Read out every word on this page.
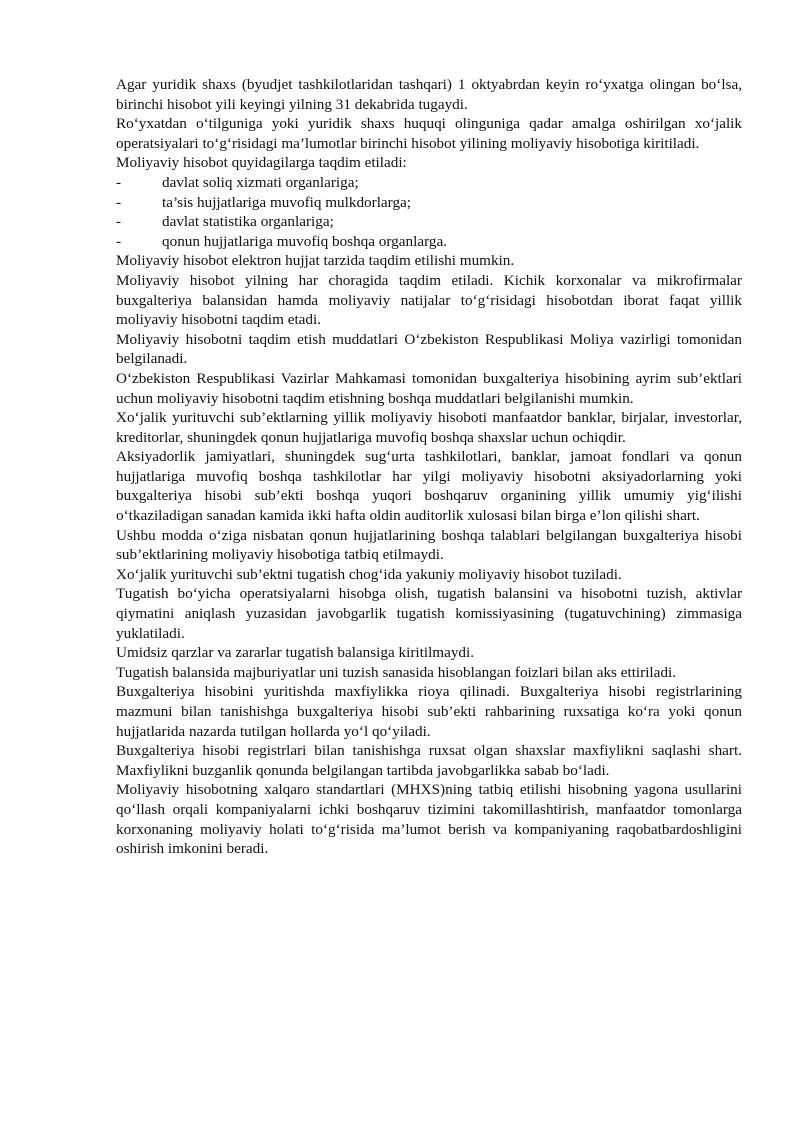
Agar yuridik shaxs (byudjet tashkilotlaridan tashqari) 1 oktyabrdan keyin ro‘yxatga olingan bo‘lsa, birinchi hisobot yili keyingi yilning 31 dekabrida tugaydi.

Ro‘yxatdan o‘tilguniga yoki yuridik shaxs huquqi olinguniga qadar amalga oshirilgan xo‘jalik operatsiyalari to‘g‘risidagi ma’lumotlar birinchi hisobot yilining moliyaviy hisobotiga kiritiladi.

Moliyaviy hisobot quyidagilarga taqdim etiladi:

-	davlat soliq xizmati organlariga;
-	ta’sis hujjatlariga muvofiq mulkdorlarga;
-	davlat statistika organlariga;
-	qonun hujjatlariga muvofiq boshqa organlarga.

Moliyaviy hisobot elektron hujjat tarzida taqdim etilishi mumkin.

Moliyaviy hisobot yilning har choragida taqdim etiladi. Kichik korxonalar va mikrofirmalar buxgalteriya balansidan hamda moliyaviy natijalar to‘g‘risidagi hisobotdan iborat faqat yillik moliyaviy hisobotni taqdim etadi.

Moliyaviy hisobotni taqdim etish muddatlari O‘zbekiston Respublikasi Moliya vazirligi tomonidan belgilanadi.

O‘zbekiston Respublikasi Vazirlar Mahkamasi tomonidan buxgalteriya hisobining ayrim sub’ektlari uchun moliyaviy hisobotni taqdim etishning boshqa muddatlari belgilanishi mumkin.

Xo‘jalik yurituvchi sub’ektlarning yillik moliyaviy hisoboti manfaatdor banklar, birjalar, investorlar, kreditorlar, shuningdek qonun hujjatlariga muvofiq boshqa shaxslar uchun ochiqdir.

Aksiyadorlik jamiyatlari, shuningdek sug‘urta tashkilotlari, banklar, jamoat fondlari va qonun hujjatlariga muvofiq boshqa tashkilotlar har yilgi moliyaviy hisobotni aksiyadorlarning yoki buxgalteriya hisobi sub’ekti boshqa yuqori boshqaruv organining yillik umumiy yig‘ilishi o‘tkaziladigan sanadan kamida ikki hafta oldin auditorlik xulosasi bilan birga e’lon qilishi shart.

Ushbu modda o‘ziga nisbatan qonun hujjatlarining boshqa talablari belgilangan buxgalteriya hisobi sub’ektlarining moliyaviy hisobotiga tatbiq etilmaydi.

Xo‘jalik yurituvchi sub’ektni tugatish chog‘ida yakuniy moliyaviy hisobot tuziladi.

Tugatish bo‘yicha operatsiyalarni hisobga olish, tugatish balansini va hisobotni tuzish, aktivlar qiymatini aniqlash yuzasidan javobgarlik tugatish komissiyasining (tugatuvchining) zimmasiga yuklatiladi.

Umidsiz qarzlar va zararlar tugatish balansiga kiritilmaydi.

Tugatish balansida majburiyatlar uni tuzish sanasida hisoblangan foizlari bilan aks ettiriladi.

Buxgalteriya hisobini yuritishda maxfiylikka rioya qilinadi. Buxgalteriya hisobi registrlarining mazmuni bilan tanishishga buxgalteriya hisobi sub’ekti rahbarining ruxsatiga ko‘ra yoki qonun hujjatlarida nazarda tutilgan hollarda yo‘l qo‘yiladi.

Buxgalteriya hisobi registrlari bilan tanishishga ruxsat olgan shaxslar maxfiylikni saqlashi shart. Maxfiylikni buzganlik qonunda belgilangan tartibda javobgarlikka sabab bo‘ladi.

Moliyaviy hisobotning xalqaro standartlari (MHXS)ning tatbiq etilishi hisobning yagona usullarini qo‘llash orqali kompaniyalarni ichki boshqaruv tizimini takomillashtirish, manfaatdor tomonlarga korxonaning moliyaviy holati to‘g‘risida ma’lumot berish va kompaniyaning raqobatbardoshligini oshirish imkonini beradi.
